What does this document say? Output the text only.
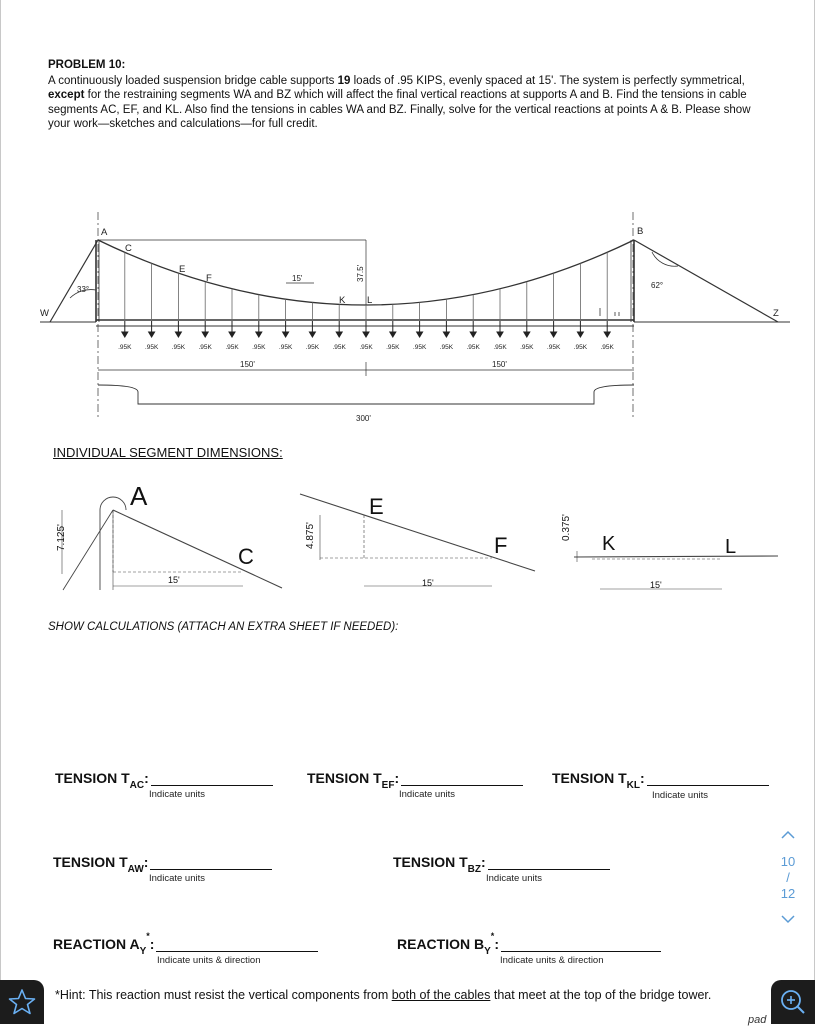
PROBLEM 10:
A continuously loaded suspension bridge cable supports 19 loads of .95 KIPS, evenly spaced at 15'. The system is perfectly symmetrical, except for the restraining segments WA and BZ which will affect the final vertical reactions at supports A and B. Find the tensions in cable segments AC, EF, and KL. Also find the tensions in cables WA and BZ. Finally, solve for the vertical reactions at points A & B. Please show your work—sketches and calculations—for full credit.
.95K .95K .95K .95K .95K .95K .95K .95K .95K .95K .95K .95K .95K .95K .95K .95K .95K .95K .95K
A
C
E
F
K L
B
W	Z
33°	62°
15'	37.5'
150'	150'
300'
A
C
7.125'
15'
E
F
4.875'
15'
K	L
0.375'
15'
INDIVIDUAL SEGMENT DIMENSIONS:
SHOW CALCULATIONS (ATTACH AN EXTRA SHEET IF NEEDED):
TENSION $T_{AC}$:
Indicate units
TENSION $T_{EF}$:
Indicate units
TENSION $T_{KL}$:
Indicate units
TENSION $T_{AW}$:
Indicate units
TENSION $T_{BZ}$:
Indicate units
REACTION $A_Y^*$:
Indicate units & direction
REACTION $B_Y^*$:
Indicate units & direction
*Hint: This reaction must resist the vertical components from both of the cables that meet at the top of the bridge tower.
10
/
12
pad
